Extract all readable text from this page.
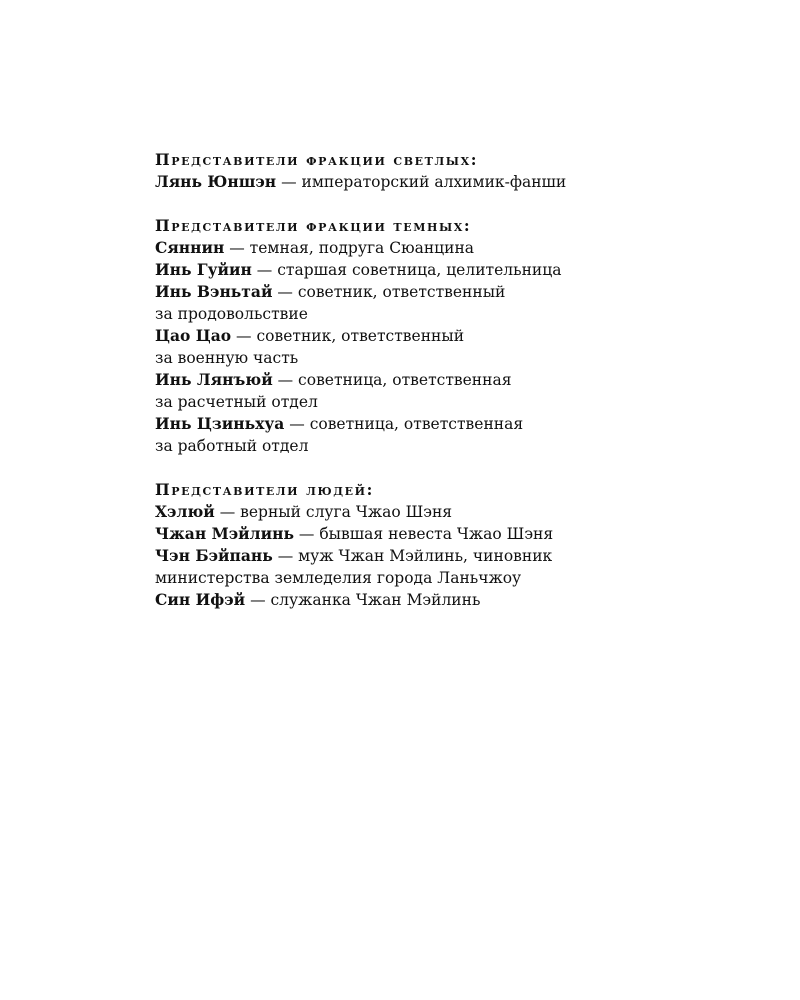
Представители фракции светлых:

Лянь Юншэн — императорский алхимик-фанши

Представители фракции темных:

Сяннин — темная, подруга Сюанцина

Инь Гуйин — старшая советница, целительница

Инь Вэньтай — советник, ответственный

за продовольствие

Цао Цао — советник, ответственный

за военную часть

Инь Лянъюй — советница, ответственная

за расчетный отдел

Инь Цзиньхуа — советница, ответственная

за работный отдел

Представители людей:

Хэлюй — верный слуга Чжао Шэня

Чжан Мэйлинь — бывшая невеста Чжао Шэня

Чэн Бэйпань — муж Чжан Мэйлинь, чиновник

министерства земледелия города Ланьчжоу

Син Ифэй — служанка Чжан Мэйлинь
